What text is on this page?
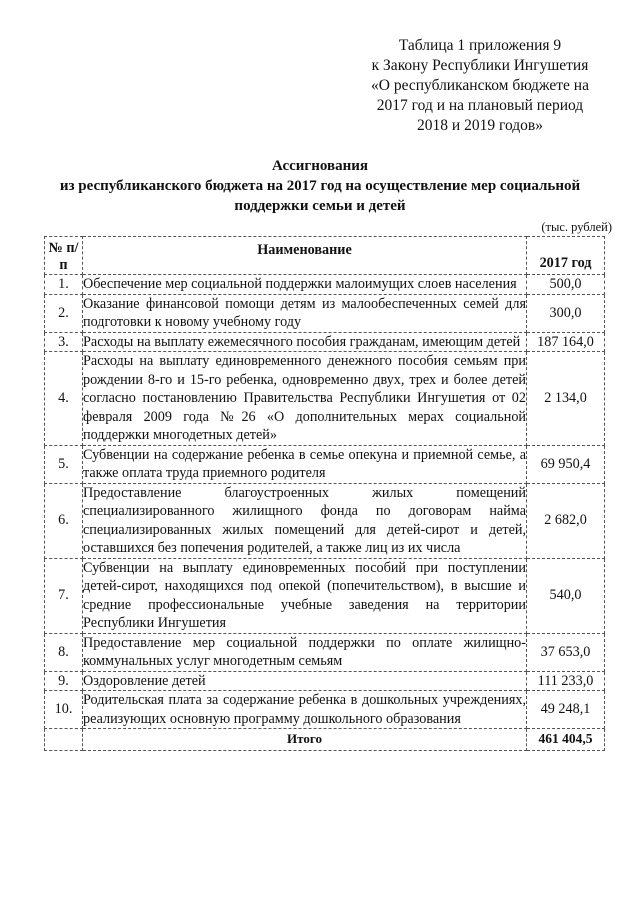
Таблица 1 приложения 9
к Закону Республики Ингушетия
«О республиканском бюджете на
2017 год и на плановый период
2018 и 2019 годов»
Ассигнования
из республиканского бюджета на 2017 год на осуществление мер социальной
поддержки семьи и детей
(тыс. рублей)
№ п/п	Наименование	2017 год
1.	Обеспечение мер социальной поддержки малоимущих слоев населения	500,0
2.	Оказание финансовой помощи детям из малообеспеченных семей для подготовки к новому учебному году	300,0
3.	Расходы на выплату ежемесячного пособия гражданам, имеющим детей	187 164,0
4.	Расходы на выплату единовременного денежного пособия семьям при рождении 8-го и 15-го ребенка, одновременно двух, трех и более детей согласно постановлению Правительства Республики Ингушетия от 02 февраля 2009 года №26 «О дополнительных мерах социальной поддержки многодетных детей»	2 134,0
5.	Субвенции на содержание ребенка в семье опекуна и приемной семье, а также оплата труда приемного родителя	69 950,4
6.	Предоставление благоустроенных жилых помещений специализированного жилищного фонда по договорам найма специализированных жилых помещений для детей-сирот и детей, оставшихся без попечения родителей, а также лиц из их числа	2 682,0
7.	Субвенции на выплату единовременных пособий при поступлении детей-сирот, находящихся под опекой (попечительством), в высшие и средние профессиональные учебные заведения на территории Республики Ингушетия	540,0
8.	Предоставление мер социальной поддержки по оплате жилищно-коммунальных услуг многодетным семьям	37 653,0
9.	Оздоровление детей	111 233,0
10.	Родительская плата за содержание ребенка в дошкольных учреждениях, реализующих основную программу дошкольного образования	49 248,1
	Итого	461 404,5
